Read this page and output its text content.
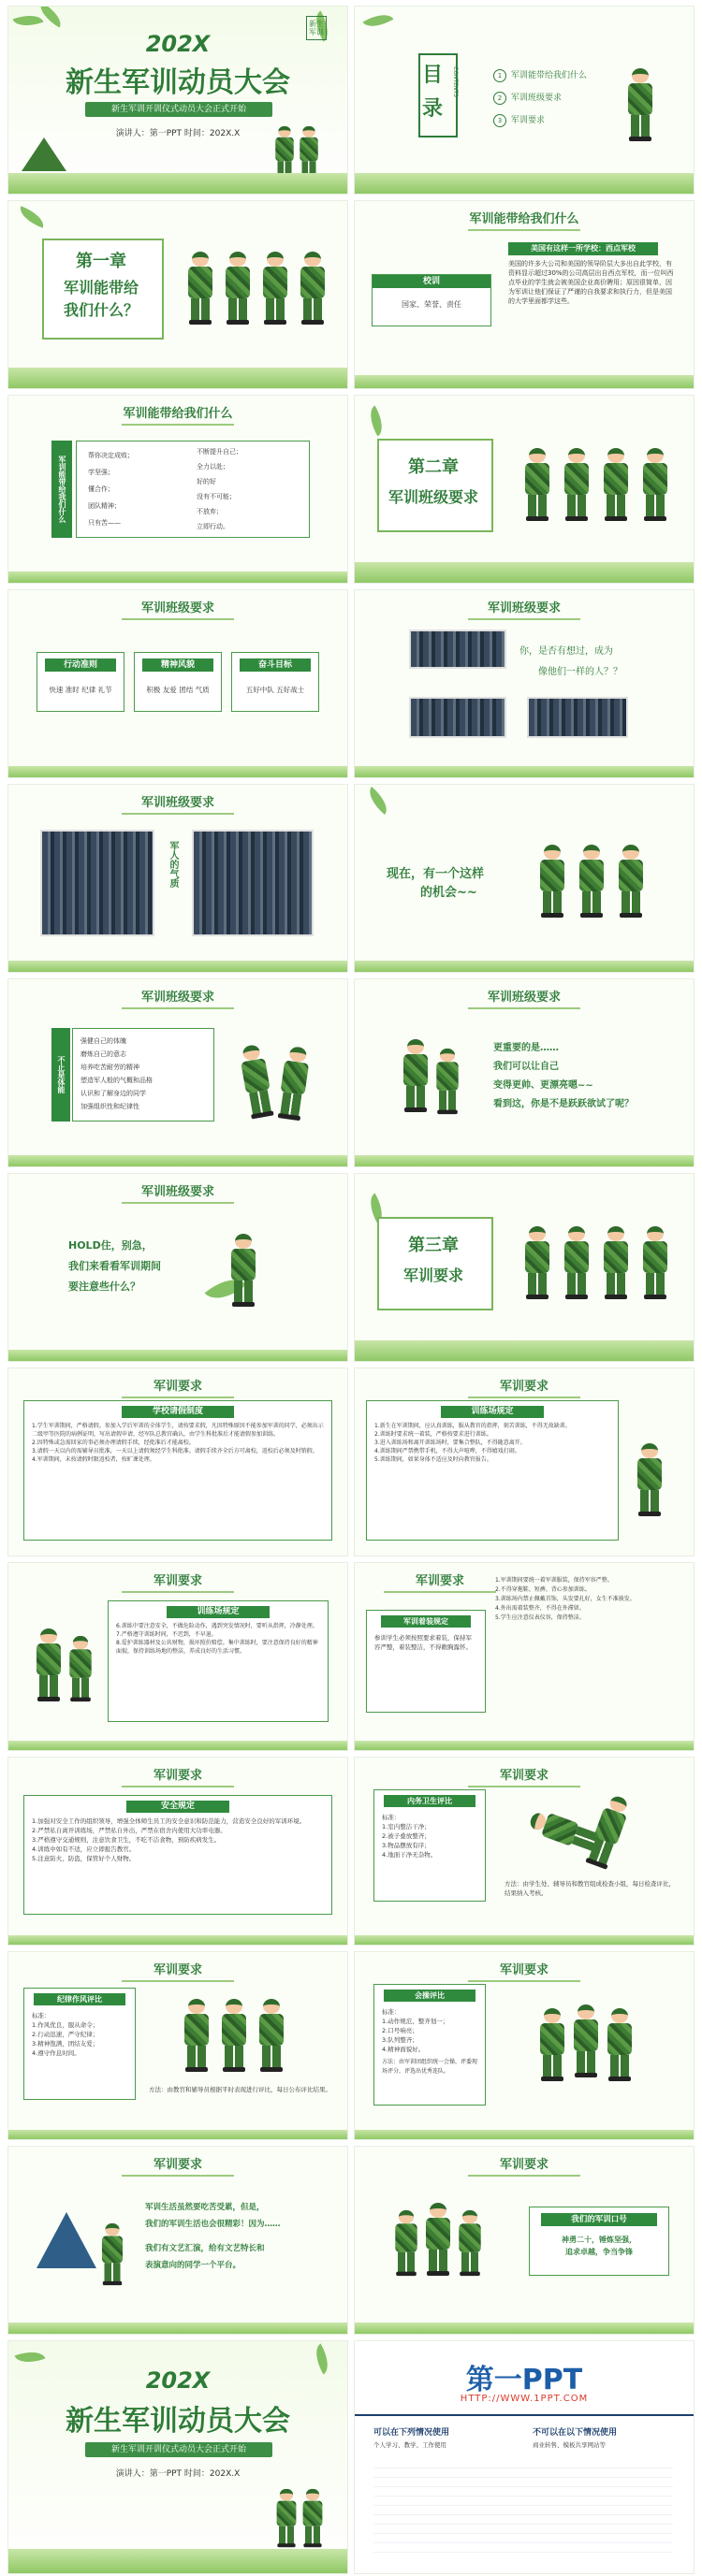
202X
新生军训动员大会
新生军训开训仪式动员大会正式开始
演讲人：第一PPT 时间：202X.X
新生军训
目
录
CONTENTS	1 军训能带给我们什么
2 军训班级要求
3 军训要求
第一章
军训能带给
我们什么？
军训能带给我们什么
美国有这样一所学校：西点军校
校训
国家、荣誉、责任
美国的许多大公司和美国的领导阶层大多出自此学校，有资料显示超过30%的公司高层出自西点军校，而一位叫西点毕业的学生就会被美国企业高价聘用；原因很简单，因为军训让他们保证了严谨的自我要求和执行力，但是美国的大学里面都学这些。
军训能带给我们什么
军训能带给我们什么	帮你决定成败；
学坚强；
懂合作；
团队精神；
只有苦——
不断提升自己；
全力以赴；
好的好
没有不可能；
不放弃；
立即行动。
第二章
军训班级要求
军训班级要求
行动准则
快速 准时 纪律 礼节
精神风貌
积极 友爱 团结 气质
奋斗目标
五好中队 五好战士
军训班级要求
你，是否有想过，成为
像他们一样的人？？
军训班级要求
军人的气质	现在，有一个这样
的机会~~
军训班级要求
不止是体能
强健自己的体魄
磨炼自己的意志
培养吃苦耐劳的精神
塑造军人般的气概和品格
认识和了解身边的同学
加强组织性和纪律性
军训班级要求
更重要的是……
我们可以让自己
变得更帅、更漂亮嗯~~
看到这，你是不是跃跃欲试了呢？
军训班级要求
HOLD住，别急，
我们来看看军训期间
要注意些什么？
第三章
军训要求
军训要求
学校请假制度
1.学生军训期间，严格请假。参加入学后军训的全体学生，请按要求假，凡因特殊原因不能参加军训的同学，必须出示二级甲等医院的病例证明，写出请假申请，经军队总教官确认，由学生科批准后才能请假参加训练。
2.因特殊或急需回家的事必须办理请假手续，经批准后才能离校。
3.请假一天以内的需辅导员批准，一天以上请假须经学生科批准。请假手续齐全后方可离校，返校后必须及时销假。
4.军训期间，未按请假时限返校者，按旷课处理。
军训要求
训练场规定
1.新生在军训期间，应认真训练，服从教官的指挥，刻苦训练，不得无故缺训。
2.训练时要求统一着装，严格按要求进行训练。
3.进入训练场和离开训练场时，要集合整队，不得随意离开。
4.训练期间严禁携带手机，不得大声喧哗，不得嬉戏打闹。
5.训练期间，如果身体不适应及时向教官报告。
军训要求
训练场规定
6.训练中要注意安全，不做危险动作，遇到突发情况时，要听从指挥，冷静处理。
7.严格遵守训练时间，不迟到，不早退。
8.爱护训练器材及公共财物，损坏照价赔偿。集中训练时，要注意保持良好的精神面貌，保持训练场地的整洁，养成良好的生活习惯。
军训要求
军训着装规定
参训学生必须按照要求着装，保持军容严整，着装整洁，不得敞胸露怀。
1.军训期间要统一着军训服装，保持军容严整。
2.不得穿拖鞋、短裤、背心参加训练。
3.训练场内禁止佩戴首饰，头发要扎好，女生不准披发。
4.外出需着装整齐，不得在外滞留。
5.学生应注意仪表仪容，保持整洁。
军训要求
安全规定
1.加强对安全工作的组织领导，增强全体师生员工的安全意识和防范能力，营造安全良好的军训环境。
2.严禁私自离开训练场，严禁私自外出，严禁在宿舍内使用大功率电器。
3.严格遵守交通规则，注意饮食卫生，不吃不洁食物，预防疾病发生。
4.训练中如有不适，应立即报告教官。
5.注意防火、防盗，保管好个人财物。
军训要求
内务卫生评比
标准：
1.室内整洁干净；
2.被子叠放整齐；
3.物品摆放有序；
4.地面干净无杂物。
方法：由学生处、辅导员和教官组成检查小组，每日检查评比，结果纳入考核。
军训要求
纪律作风评比
标准：
1.作风优良，服从命令；
2.行动迅速，严守纪律；
3.精神饱满，团结友爱；
4.遵守作息时间。
方法：由教官和辅导员根据平时表现进行评比，每日公布评比结果。
军训要求
会操评比
标准：
1.动作规范、整齐划一；
2.口号响亮；
3.队列整齐；
4.精神面貌好。
方法：由军训团组织统一会操，评委现场评分，评选出优秀连队。
军训要求
军训生活虽然要吃苦受累，但是，
我们的军训生活也会很精彩！因为……
我们有文艺汇演，给有文艺特长和
表演意向的同学一个平台。
军训要求
我们的军训口号
神勇二十，锤炼坚强，
追求卓越，争当争锋
202X
新生军训动员大会
新生军训开训仪式动员大会正式开始
演讲人：第一PPT 时间：202X.X
第一PPT
HTTP://WWW.1PPT.COM
可以在下列情况使用	不可以在以下情况使用
个人学习、教学、工作使用	商业转售、模板共享网站等
